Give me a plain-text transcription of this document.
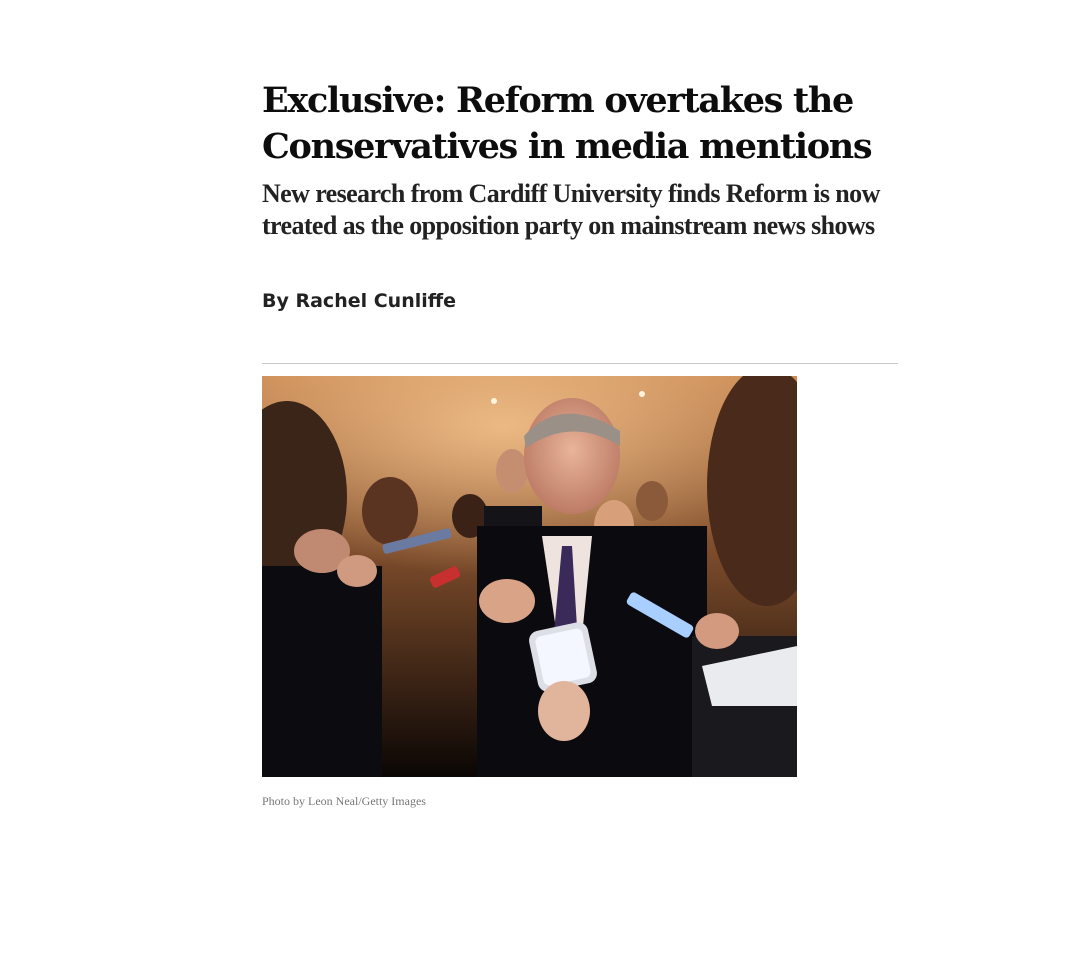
Exclusive: Reform overtakes the Conservatives in media mentions
New research from Cardiff University finds Reform is now treated as the opposition party on mainstream news shows
By Rachel Cunliffe
Photo by Leon Neal/Getty Images
